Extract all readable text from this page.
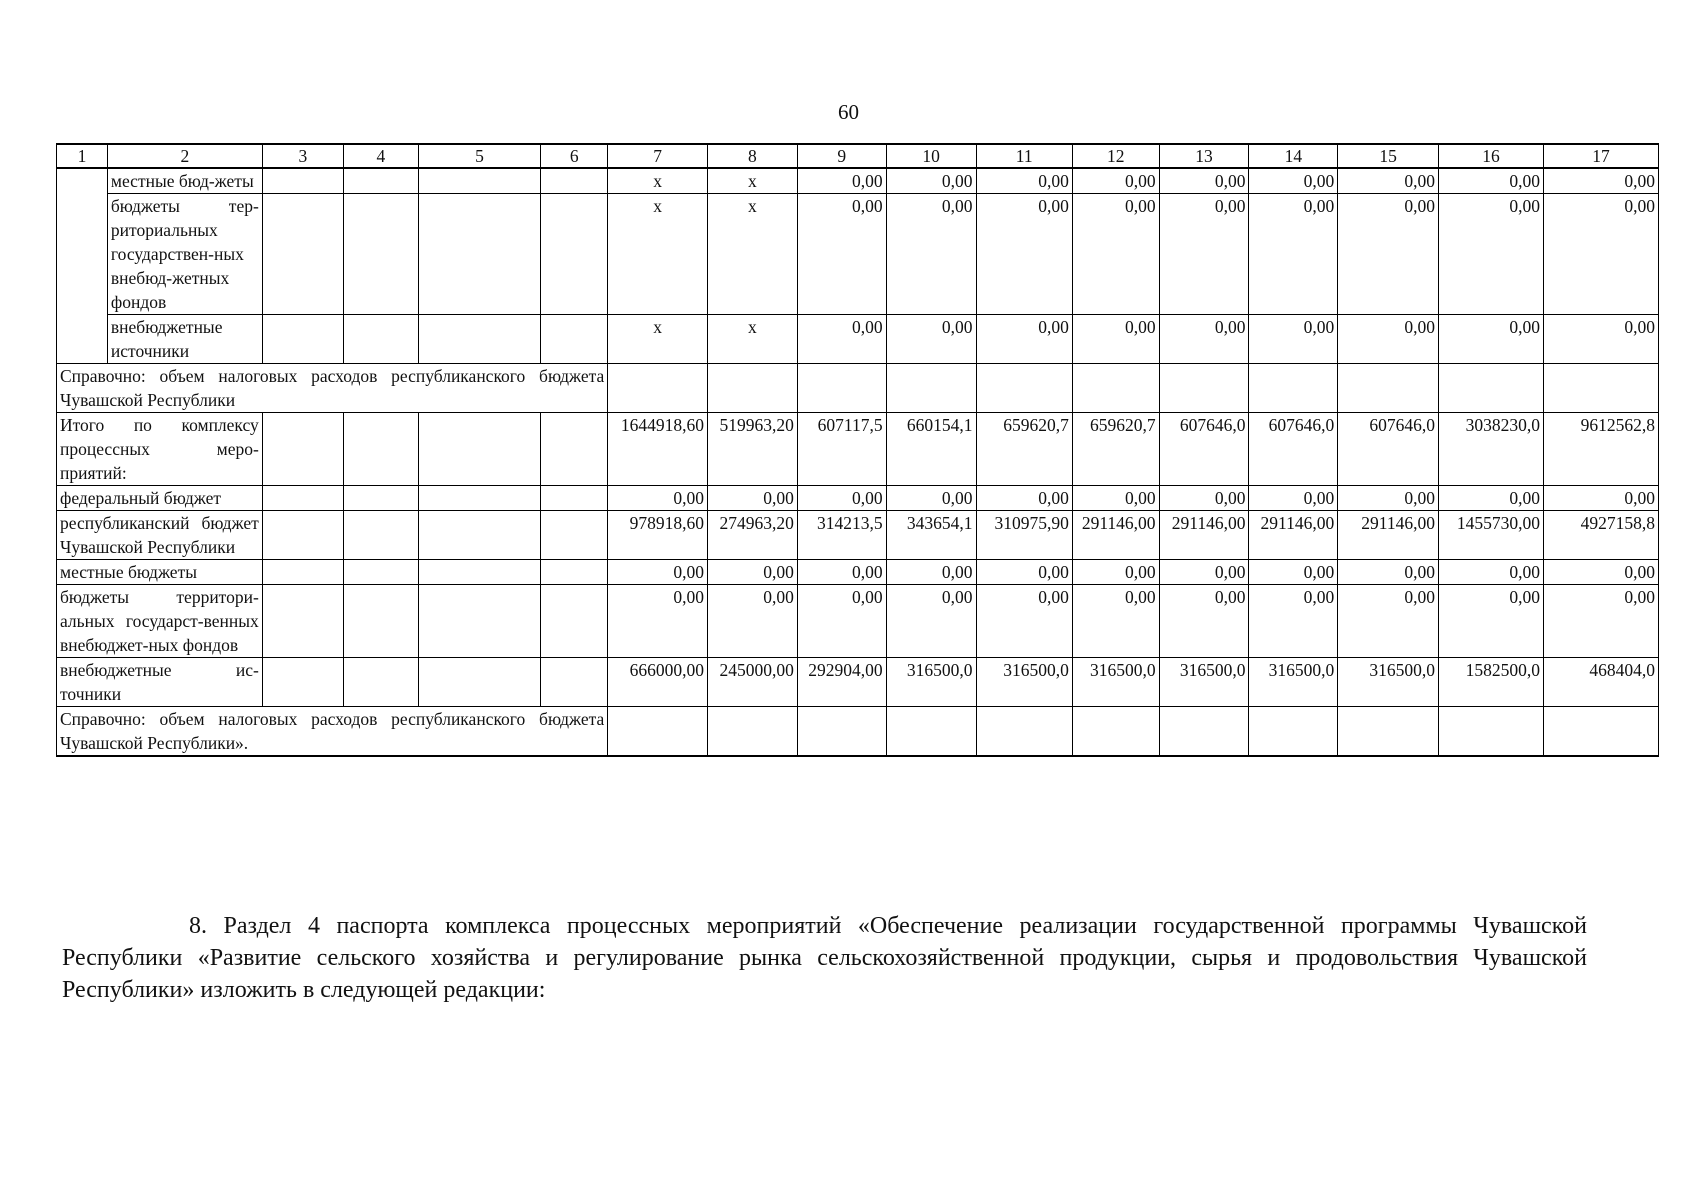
60
1	2	3	4	5	6	7	8	9	10	11	12	13	14	15	16	17
	местные бюд-жеты					х	х	0,00	0,00	0,00	0,00	0,00	0,00	0,00	0,00	0,00
	бюджеты тер-риториальных государствен-ных внебюд-жетных фондов					х	х	0,00	0,00	0,00	0,00	0,00	0,00	0,00	0,00	0,00
	внебюджетные источники					х	х	0,00	0,00	0,00	0,00	0,00	0,00	0,00	0,00	0,00
Справочно: объем налоговых расходов республиканского бюджета Чувашской Республики																
Итого по комплексу процессных меро-приятий:						1644918,60	519963,20	607117,5	660154,1	659620,7	659620,7	607646,0	607646,0	607646,0	3038230,0	9612562,8
федеральный бюджет						0,00	0,00	0,00	0,00	0,00	0,00	0,00	0,00	0,00	0,00	0,00
республиканский бюджет Чувашской Республики						978918,60	274963,20	314213,5	343654,1	310975,90	291146,00	291146,00	291146,00	291146,00	1455730,00	4927158,8
местные бюджеты						0,00	0,00	0,00	0,00	0,00	0,00	0,00	0,00	0,00	0,00	0,00
бюджеты территори-альных государст-венных внебюджет-ных фондов						0,00	0,00	0,00	0,00	0,00	0,00	0,00	0,00	0,00	0,00	0,00
внебюджетные ис-точники						666000,00	245000,00	292904,00	316500,0	316500,0	316500,0	316500,0	316500,0	316500,0	1582500,0	468404,0
Справочно: объем налоговых расходов республиканского бюджета Чувашской Республики».																

8. Раздел 4 паспорта комплекса процессных мероприятий «Обеспечение реализации государственной программы Чувашской Республики «Развитие сельского хозяйства и регулирование рынка сельскохозяйственной продукции, сырья и продовольствия Чувашской Республики» изложить в следующей редакции:
